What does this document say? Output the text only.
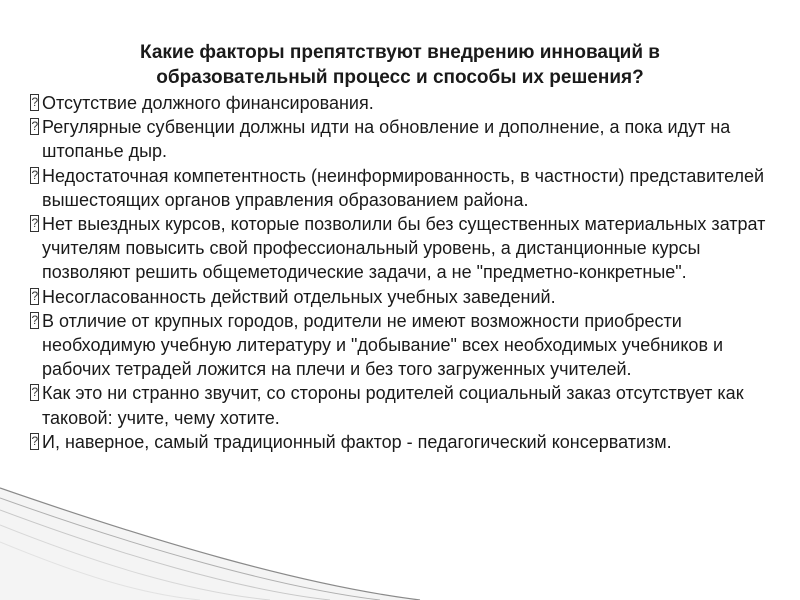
Какие факторы препятствуют внедрению инноваций в
образовательный процесс и способы их решения?
?
Отсутствие должного финансирования.
?
Регулярные субвенции должны идти на обновление и дополнение, а пока идут на штопанье дыр.
?
Недостаточная компетентность (неинформированность, в частности) представителей вышестоящих органов управления образованием района.
?
Нет выездных курсов, которые позволили бы без существенных материальных затрат учителям повысить свой профессиональный уровень, а дистанционные курсы позволяют решить общеметодические задачи, а не "предметно-конкретные".
?
Несогласованность действий отдельных учебных заведений.
?
В отличие от крупных городов, родители не имеют возможности приобрести необходимую учебную литературу и "добывание" всех необходимых учебников и рабочих тетрадей ложится на плечи и без того загруженных учителей.
?
Как это ни странно звучит, со стороны родителей социальный заказ отсутствует как таковой: учите, чему хотите.
?
И, наверное, самый традиционный фактор - педагогический консерватизм.
